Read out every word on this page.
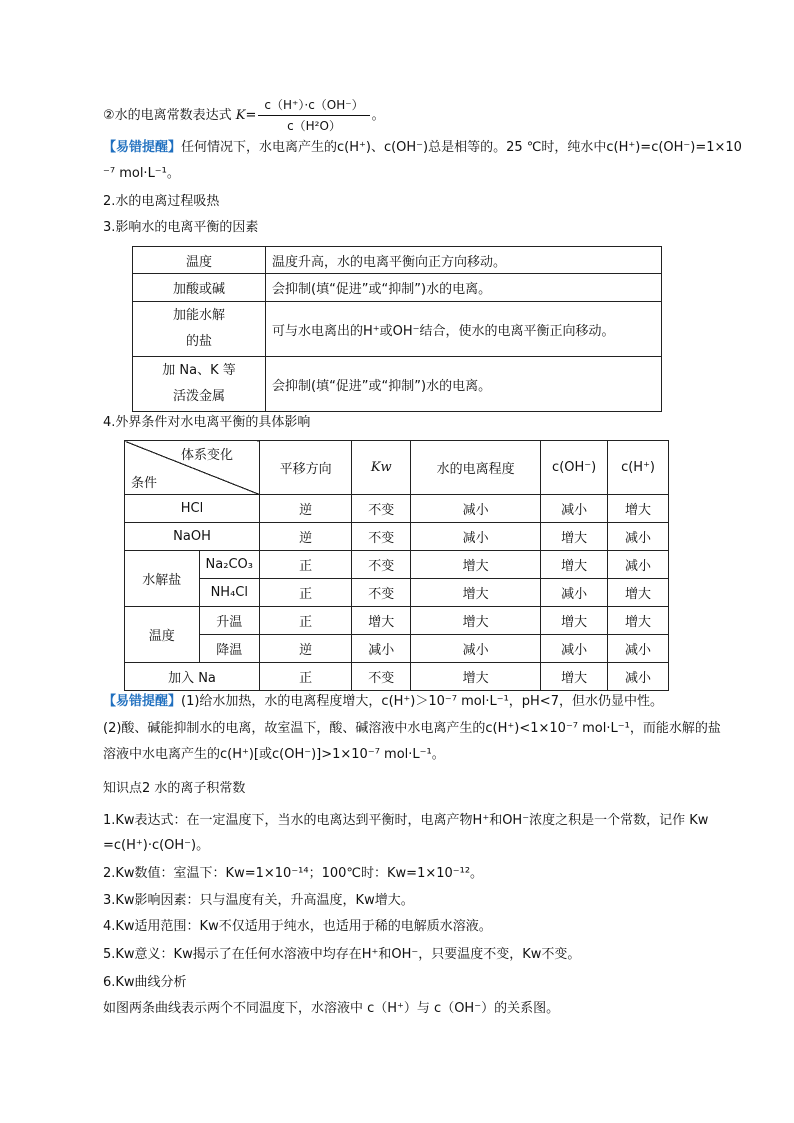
②水的电离常数表达式 $K= \frac{c(H^+)\cdot c(OH^-)}{\text{c（H²O）}}$ 。
【易错提醒】任何情况下，水电离产生的c(H⁺)、c(OH⁻)总是相等的。25 ℃时，纯水中c(H⁺)=c(OH⁻)=1×10
⁻⁷ mol·L⁻¹。
2.水的电离过程吸热
3.影响水的电离平衡的因素
温度	温度升高，水的电离平衡向正方向移动。
加酸或碱	会抑制(填“促进”或“抑制”)水的电离。

加能水解
的盐	可与水电离出的H⁺或OH⁻结合，使水的电离平衡正向移动。

加 Na、K 等
活泼金属	会抑制(填“促进”或“抑制”)水的电离。
4.外界条件对水电离平衡的具体影响
体系变化
条件		平移方向	Kw	水的电离程度	c(OH⁻)	c(H⁺)
HCl		逆	不变	减小	减小	增大
NaOH		逆	不变	减小	增大	减小
水解盐	Na₂CO₃	正	不变	增大	增大	减小
	NH₄Cl	正	不变	增大	减小	增大
温度	升温	正	增大	增大	增大	增大
	降温	逆	减小	减小	减小	减小
加入 Na		正	不变	增大	增大	减小
【易错提醒】(1)给水加热，水的电离程度增大，c(H⁺)＞10⁻⁷ mol·L⁻¹，pH<7，但水仍显中性。
(2)酸、碱能抑制水的电离，故室温下，酸、碱溶液中水电离产生的c(H⁺)<1×10⁻⁷ mol·L⁻¹，而能水解的盐
溶液中水电离产生的c(H⁺)[或c(OH⁻)]>1×10⁻⁷ mol·L⁻¹。
知识点2 水的离子积常数
1.Kw表达式：在一定温度下，当水的电离达到平衡时，电离产物H⁺和OH⁻浓度之积是一个常数，记作 Kw
=c(H⁺)·c(OH⁻)。
2.Kw数值：室温下：Kw=1×10⁻¹⁴；100℃时：Kw=1×10⁻¹²。
3.Kw影响因素：只与温度有关，升高温度，Kw增大。
4.Kw适用范围：Kw不仅适用于纯水，也适用于稀的电解质水溶液。
5.Kw意义：Kw揭示了在任何水溶液中均存在H⁺和OH⁻，只要温度不变，Kw不变。
6.Kw曲线分析
如图两条曲线表示两个不同温度下，水溶液中 c（H⁺）与 c（OH⁻）的关系图。
